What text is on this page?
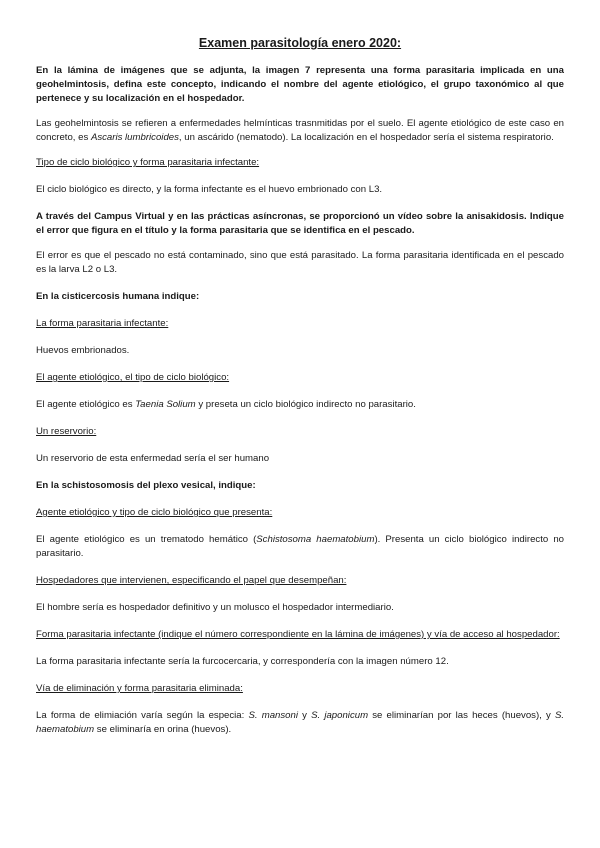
Examen parasitología enero 2020:

En la lámina de imágenes que se adjunta, la imagen 7 representa una forma parasitaria implicada en una geohelmintosis, defina este concepto, indicando el nombre del agente etiológico, el grupo taxonómico al que pertenece y su localización en el hospedador.

Las geohelmintosis se refieren a enfermedades helmínticas trasnmitidas por el suelo. El agente etiológico de este caso en concreto, es Ascaris lumbricoides, un ascárido (nematodo). La localización en el hospedador sería el sistema respiratorio.

Tipo de ciclo biológico y forma parasitaria infectante:

El ciclo biológico es directo, y la forma infectante es el huevo embrionado con L3.

A través del Campus Virtual y en las prácticas asíncronas, se proporcionó un vídeo sobre la anisakidosis. Indique el error que figura en el título y la forma parasitaria que se identifica en el pescado.

El error es que el pescado no está contaminado, sino que está parasitado. La forma parasitaria identificada en el pescado es la larva L2 o L3.

En la cisticercosis humana indique:

La forma parasitaria infectante:

Huevos embrionados.

El agente etiológico, el tipo de ciclo biológico:

El agente etiológico es Taenia Solium y preseta un ciclo biológico indirecto no parasitario.

Un reservorio:

Un reservorio de esta enfermedad sería el ser humano

En la schistosomosis del plexo vesical, indique:

Agente etiológico y tipo de ciclo biológico que presenta:

El agente etiológico es un trematodo hemático (Schistosoma haematobium). Presenta un ciclo biológico indirecto no parasitario.

Hospedadores que intervienen, especificando el papel que desempeñan:

El hombre sería es hospedador definitivo y un molusco el hospedador intermediario.

Forma parasitaria infectante (indique el número correspondiente en la lámina de imágenes) y vía de acceso al hospedador:

La forma parasitaria infectante sería la furcocercaria, y correspondería con la imagen número 12.

Vía de eliminación y forma parasitaria eliminada:

La forma de elimiación varía según la especia: S. mansoni y S. japonicum se eliminarían por las heces (huevos), y S. haematobium se eliminaría en orina (huevos).
